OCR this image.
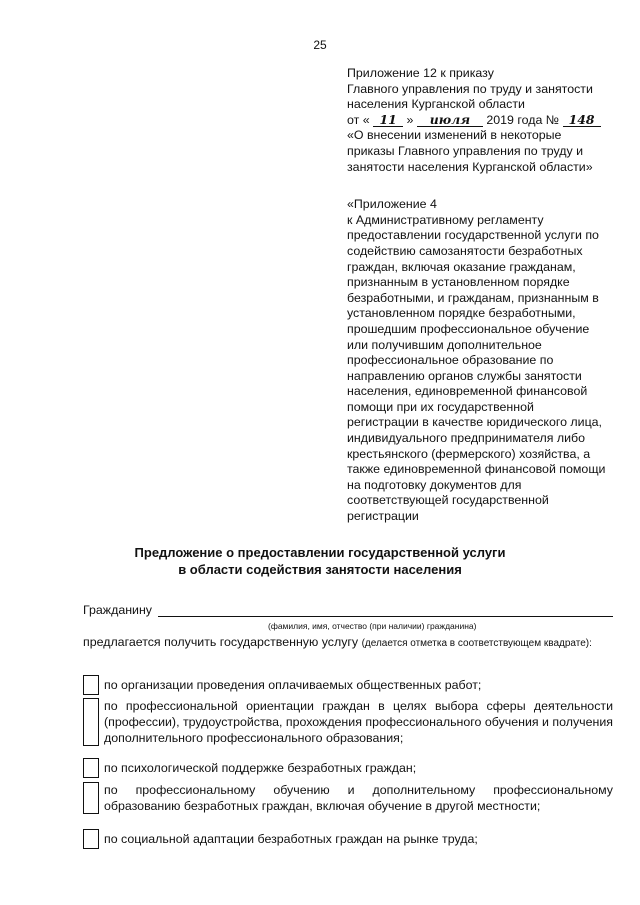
25
Приложение 12 к приказу
Главного управления по труду и занятости
населения Курганской области
от « 11 » июля 2019 года № 148
«О внесении изменений в некоторые
приказы Главного управления по труду и
занятости населения Курганской области»
«Приложение 4
к Административному регламенту
предоставлении государственной услуги по
содействию самозанятости безработных
граждан, включая оказание гражданам,
признанным в установленном порядке
безработными, и гражданам, признанным в
установленном порядке безработными,
прошедшим профессиональное обучение
или получившим дополнительное
профессиональное образование по
направлению органов службы занятости
населения, единовременной финансовой
помощи при их государственной
регистрации в качестве юридического лица,
индивидуального предпринимателя либо
крестьянского (фермерского) хозяйства, а
также единовременной финансовой помощи
на подготовку документов для
соответствующей государственной
регистрации
Предложение о предоставлении государственной услуги
в области содействия занятости населения
Гражданину
(фамилия, имя, отчество (при наличии) гражданина)
предлагается получить государственную услугу (делается отметка в соответствующем квадрате):
по организации проведения оплачиваемых общественных работ;
по профессиональной ориентации граждан в целях выбора сферы деятельности (профессии), трудоустройства, прохождения профессионального обучения и получения дополнительного профессионального образования;
по психологической поддержке безработных граждан;
по профессиональному обучению и дополнительному профессиональному образованию безработных граждан, включая обучение в другой местности;
по социальной адаптации безработных граждан на рынке труда;
